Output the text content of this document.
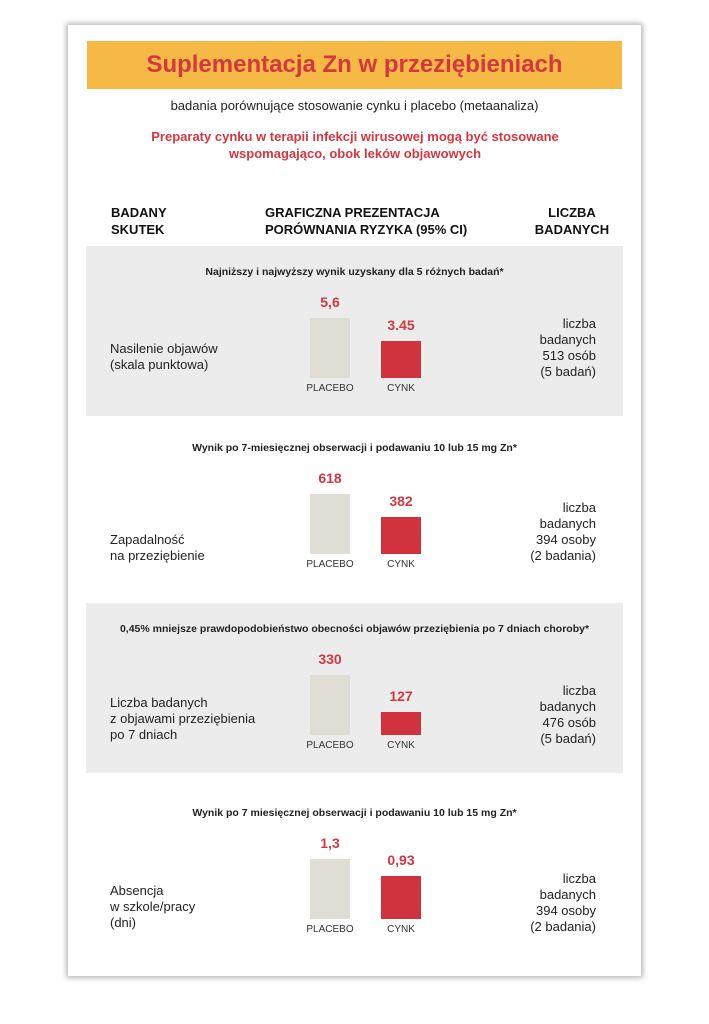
Suplementacja Zn w przeziębieniach
badania porównujące stosowanie cynku i placebo (metaanaliza)
Preparaty cynku w terapii infekcji wirusowej mogą być stosowane
wspomagająco, obok leków objawowych
BADANY
SKUTEK
GRAFICZNA PREZENTACJA
PORÓWNANIA RYZYKA (95% CI)
LICZBA
BADANYCH
Najniższy i najwyższy wynik uzyskany dla 5 różnych badań*
Nasilenie objawów
(skala punktowa)
liczba
badanych
513 osób
(5 badań)
5,6
PLACEBO
3.45
CYNK
Wynik po 7-miesięcznej obserwacji i podawaniu 10 lub 15 mg Zn*
Zapadalność
na przeziębienie
liczba
badanych
394 osoby
(2 badania)
618
PLACEBO
382
CYNK
0,45% mniejsze prawdopodobieństwo obecności objawów przeziębienia po 7 dniach choroby*
Liczba badanych
z objawami przeziębienia
po 7 dniach
liczba
badanych
476 osób
(5 badań)
330
PLACEBO
127
CYNK
Wynik po 7 miesięcznej obserwacji i podawaniu 10 lub 15 mg Zn*
Absencja
w szkole/pracy
(dni)
liczba
badanych
394 osoby
(2 badania)
1,3
PLACEBO
0,93
CYNK
